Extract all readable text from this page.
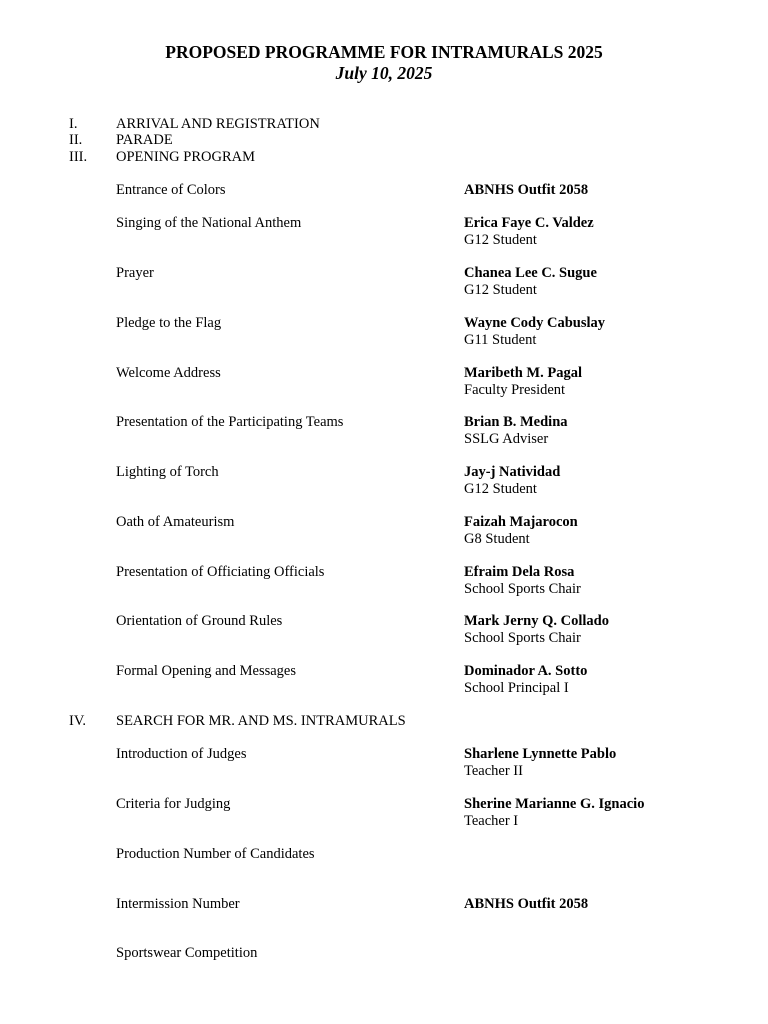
PROPOSED PROGRAMME FOR INTRAMURALS 2025
July 10, 2025
I.	ARRIVAL AND REGISTRATION
II. PARADE
III. OPENING PROGRAM
Entrance of Colors	ABNHS Outfit 2058
Singing of the National Anthem	Erica Faye C. Valdez
G12 Student
Prayer	Chanea Lee C. Sugue
G12 Student
Pledge to the Flag	Wayne Cody Cabuslay
G11 Student
Welcome Address	Maribeth M. Pagal
Faculty President
Presentation of the Participating Teams	Brian B. Medina
SSLG Adviser
Lighting of Torch	Jay-j Natividad
G12 Student
Oath of Amateurism	Faizah Majarocon
G8 Student
Presentation of Officiating Officials	Efraim Dela Rosa
School Sports Chair
Orientation of Ground Rules	Mark Jerny Q. Collado
School Sports Chair
Formal Opening and Messages	Dominador A. Sotto
School Principal I
IV. SEARCH FOR MR. AND MS. INTRAMURALS
Introduction of Judges	Sharlene Lynnette Pablo
Teacher II
Criteria for Judging	Sherine Marianne G. Ignacio
Teacher I
Production Number of Candidates
Intermission Number	ABNHS Outfit 2058
Sportswear Competition
